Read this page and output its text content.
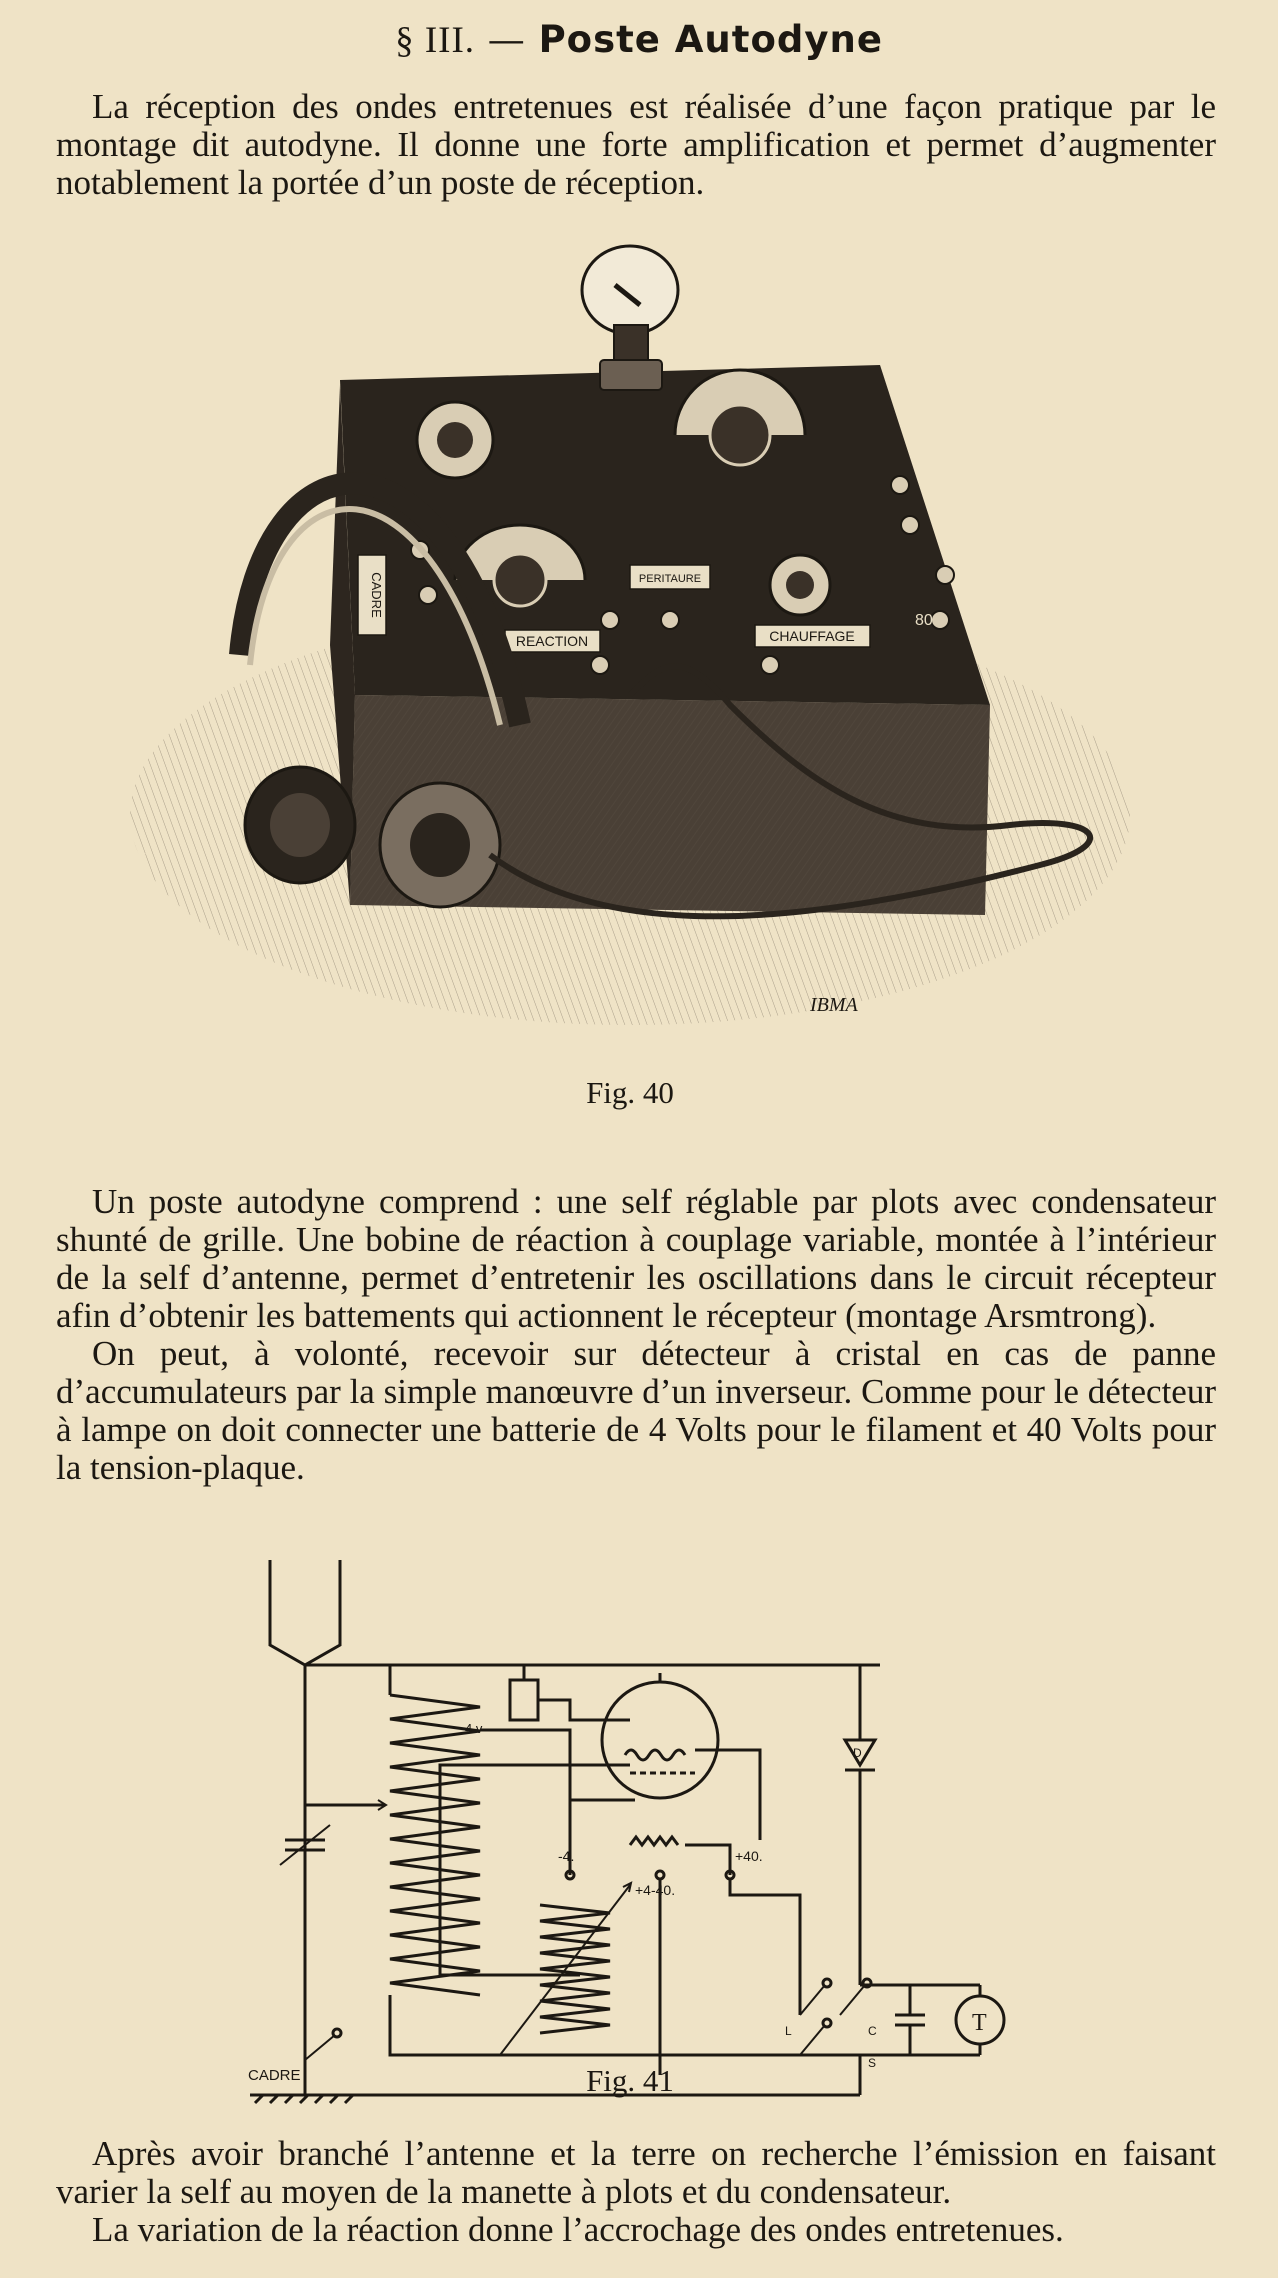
§ III. — Poste Autodyne

La réception des ondes entretenues est réalisée d’une façon pratique par le montage dit autodyne. Il donne une forte amplification et permet d’augmenter notablement la portée d’un poste de réception.

CADRE
REACTION	CHAUFFAGE
PERITAURE
80
IBMA
Fig. 40

Un poste autodyne comprend : une self réglable par plots avec condensateur shunté de grille. Une bobine de réaction à couplage variable, montée à l’intérieur de la self d’antenne, permet d’entretenir les oscillations dans le circuit récepteur afin d’obtenir les battements qui actionnent le récepteur (montage Arsmtrong).

On peut, à volonté, recevoir sur détecteur à cristal en cas de panne d’accumulateurs par la simple manœuvre d’un inverseur. Comme pour le détecteur à lampe on doit connecter une batterie de 4 Volts pour le filament et 40 Volts pour la tension-plaque.

CADRE
4 v
-4.	+40.
+4-40.
D
L	C
S
T
Fig. 41

Après avoir branché l’antenne et la terre on recherche l’émission en faisant varier la self au moyen de la manette à plots et du condensateur.

La variation de la réaction donne l’accrochage des ondes entretenues.
